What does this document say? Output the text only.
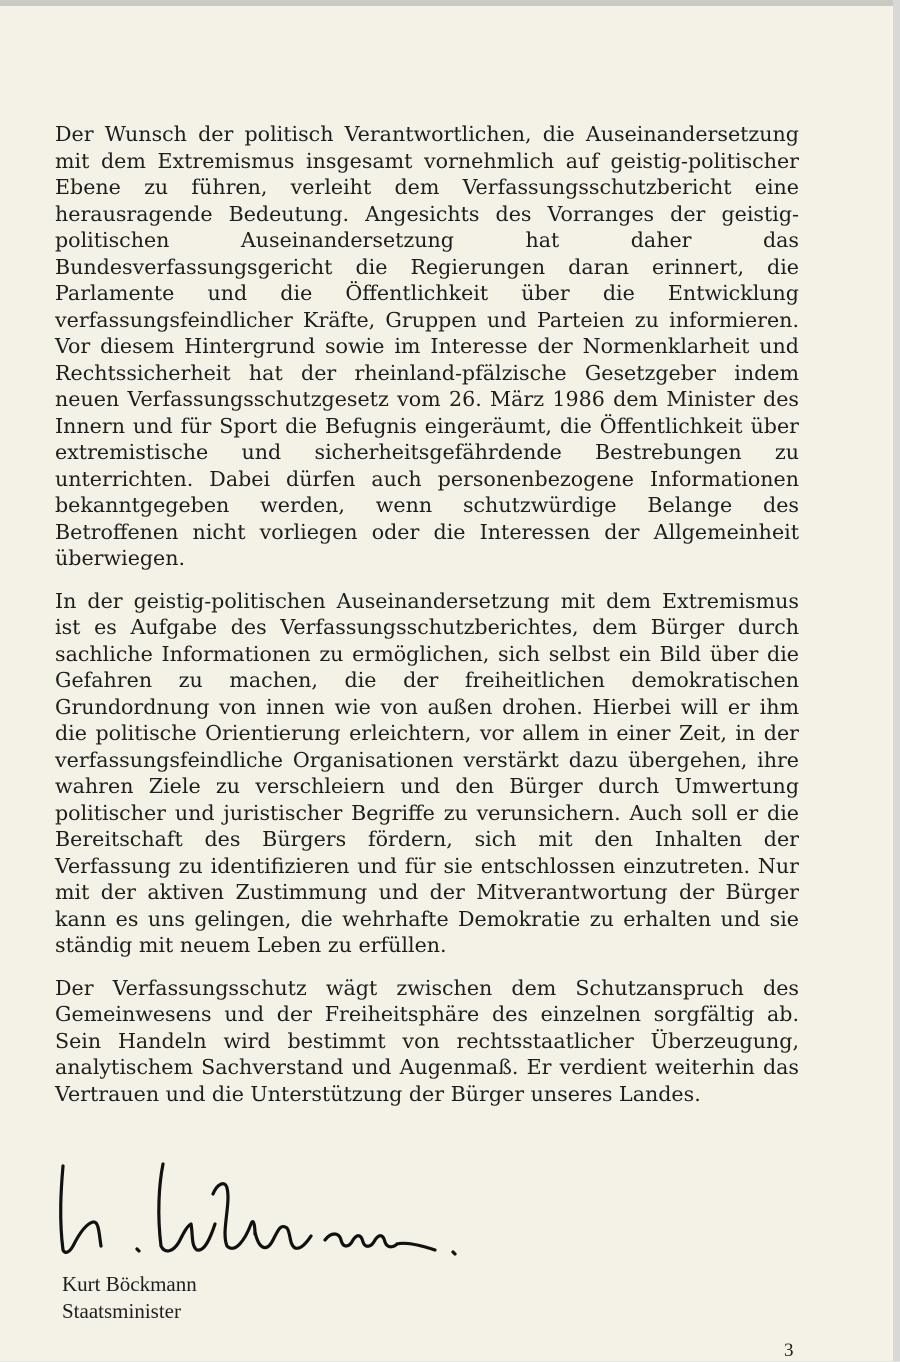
Der Wunsch der politisch Verantwortlichen, die Auseinandersetzung mit dem Extremismus insgesamt vornehmlich auf geistig-politischer Ebene zu führen, verleiht dem Verfassungsschutzbericht eine herausragende Bedeutung. Angesichts des Vorranges der geistig-politischen Auseinandersetzung hat daher das Bundesverfassungsgericht die Regierungen daran erinnert, die Parlamente und die Öffentlichkeit über die Entwicklung verfassungsfeindlicher Kräfte, Gruppen und Parteien zu informieren. Vor diesem Hintergrund sowie im Interesse der Normenklarheit und Rechtssicherheit hat der rheinland-pfälzische Gesetzgeber indem neuen Verfassungsschutzgesetz vom 26. März 1986 dem Minister des Innern und für Sport die Befugnis eingeräumt, die Öffentlichkeit über extremistische und sicherheitsgefährdende Bestrebungen zu unterrichten. Dabei dürfen auch personenbezogene Informationen bekanntgegeben werden, wenn schutzwürdige Belange des Betroffenen nicht vorliegen oder die Interessen der Allgemeinheit überwiegen.

In der geistig-politischen Auseinandersetzung mit dem Extremismus ist es Aufgabe des Verfassungsschutzberichtes, dem Bürger durch sachliche Informationen zu ermöglichen, sich selbst ein Bild über die Gefahren zu machen, die der freiheitlichen demokratischen Grundordnung von innen wie von außen drohen. Hierbei will er ihm die politische Orientierung erleichtern, vor allem in einer Zeit, in der verfassungsfeindliche Organisationen verstärkt dazu übergehen, ihre wahren Ziele zu verschleiern und den Bürger durch Umwertung politischer und juristischer Begriffe zu verunsichern. Auch soll er die Bereitschaft des Bürgers fördern, sich mit den Inhalten der Verfassung zu identifizieren und für sie entschlossen einzutreten. Nur mit der aktiven Zustimmung und der Mitverantwortung der Bürger kann es uns gelingen, die wehrhafte Demokratie zu erhalten und sie ständig mit neuem Leben zu erfüllen.

Der Verfassungsschutz wägt zwischen dem Schutzanspruch des Gemeinwesens und der Freiheitsphäre des einzelnen sorgfältig ab. Sein Handeln wird bestimmt von rechtsstaatlicher Überzeugung, analytischem Sachverstand und Augenmaß. Er verdient weiterhin das Vertrauen und die Unterstützung der Bürger unseres Landes.

Kurt Böckmann
Staatsminister
3
